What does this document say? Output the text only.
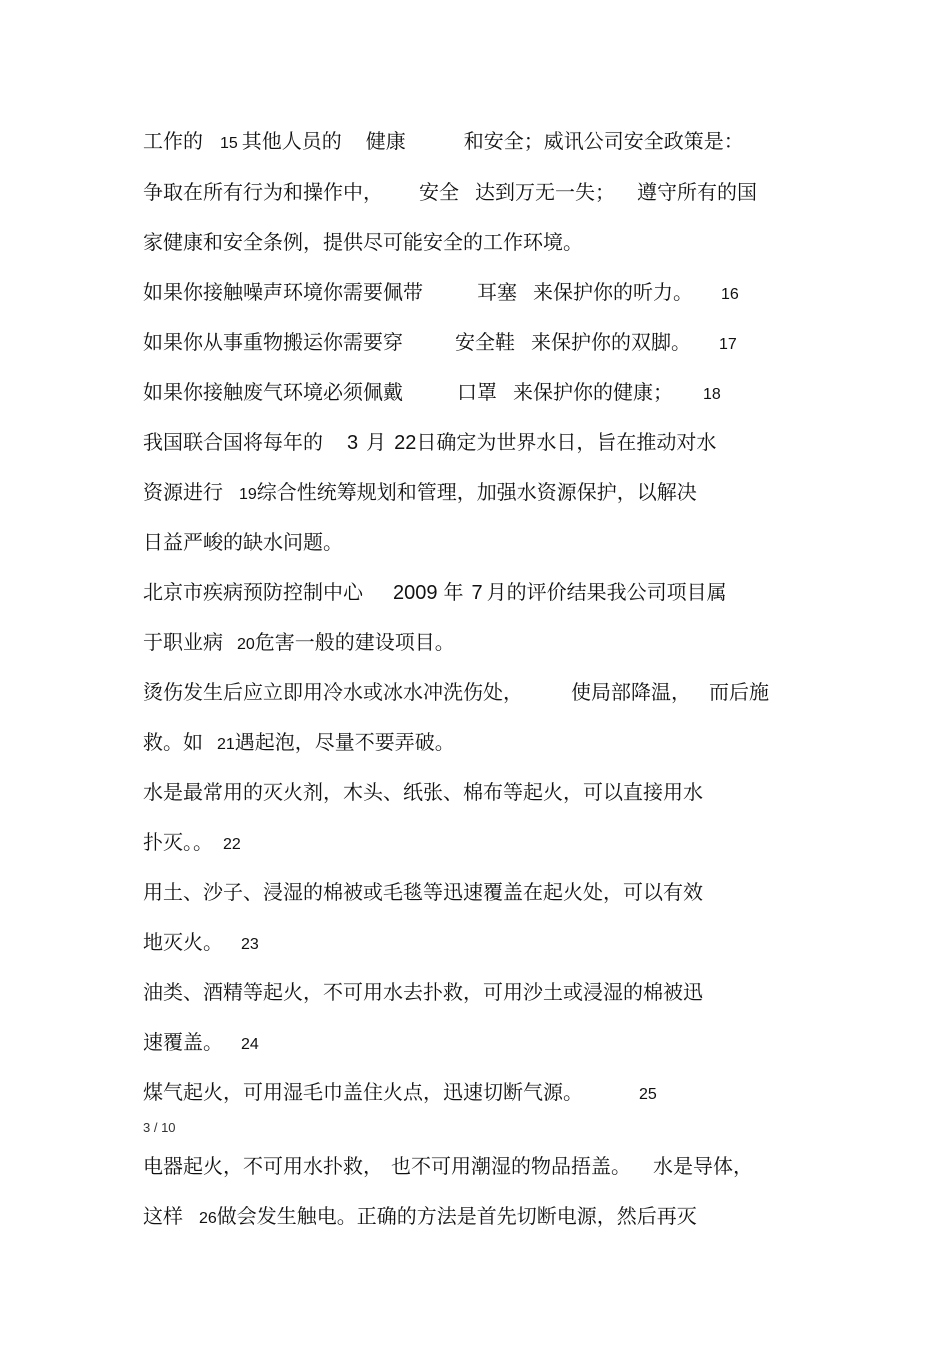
工作的 15 其他人员的 健康	和安全；威讯公司安全政策是：
争取在所有行为和操作中， 安全 达到万无一失； 遵守所有的国
家健康和安全条例，提供尽可能安全的工作环境。
如果你接触噪声环境你需要佩带	耳塞 来保护你的听力。 16
如果你从事重物搬运你需要穿	安全鞋 来保护你的双脚。 17
如果你接触废气环境必须佩戴	口罩 来保护你的健康； 18
我国联合国将每年的 3 月 22 日确定为世界水日，旨在推动对水
资源进行 19 综合性统筹规划和管理，加强水资源保护，以解决
日益严峻的缺水问题。
北京市疾病预防控制中心 2009 年 7 月的评价结果我公司项目属
于职业病 20 危害一般的建设项目。
烫伤发生后应立即用冷水或冰水冲洗伤处， 使局部降温， 而后施
救。如 21 遇起泡，尽量不要弄破。
水是最常用的灭火剂，木头、纸张、棉布等起火，可以直接用水
扑灭。。 22
用土、沙子、浸湿的棉被或毛毯等迅速覆盖在起火处，可以有效
地灭火。 23
油类、酒精等起火，不可用水去扑救，可用沙土或浸湿的棉被迅
速覆盖。 24
煤气起火，可用湿毛巾盖住火点，迅速切断气源。	25
3 / 10
电器起火，不可用水扑救， 也不可用潮湿的物品捂盖。 水是导体，
这样 26 做会发生触电。正确的方法是首先切断电源，然后再灭
